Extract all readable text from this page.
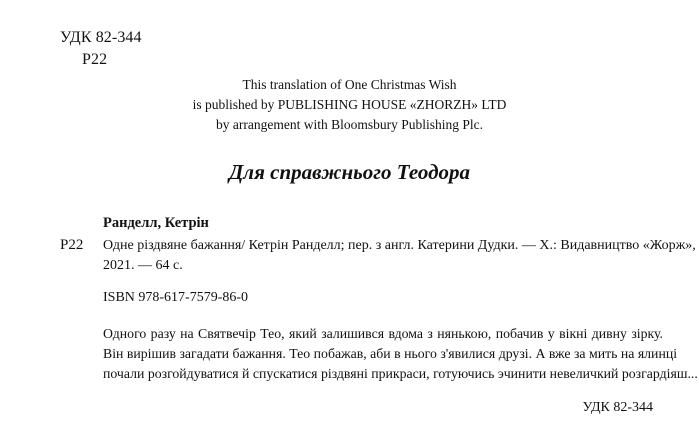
УДК 82-344
Р22
This translation of One Christmas Wish
is published by PUBLISHING HOUSE «ZHORZH» LTD
by arrangement with Bloomsbury Publishing Plc.
Для справжнього Теодора
Ранделл, Кетрін
Р22 Одне різдвяне бажання/ Кетрін Ранделл; пер. з англ. Катерини Дудки. — Х.: Видавництво «Жорж»,
2021. — 64 с.
ISBN 978-617-7579-86-0
Одного разу на Святвечір Тео, який залишився вдома з нянькою, побачив у вікні дивну зірку.
Він вирішив загадати бажання. Тео побажав, аби в нього з'явилися друзі. А вже за мить на ялинці
почали розгойдуватися й спускатися різдвяні прикраси, готуючись эчинити невеличкий розгардіяш...
УДК 82-344
